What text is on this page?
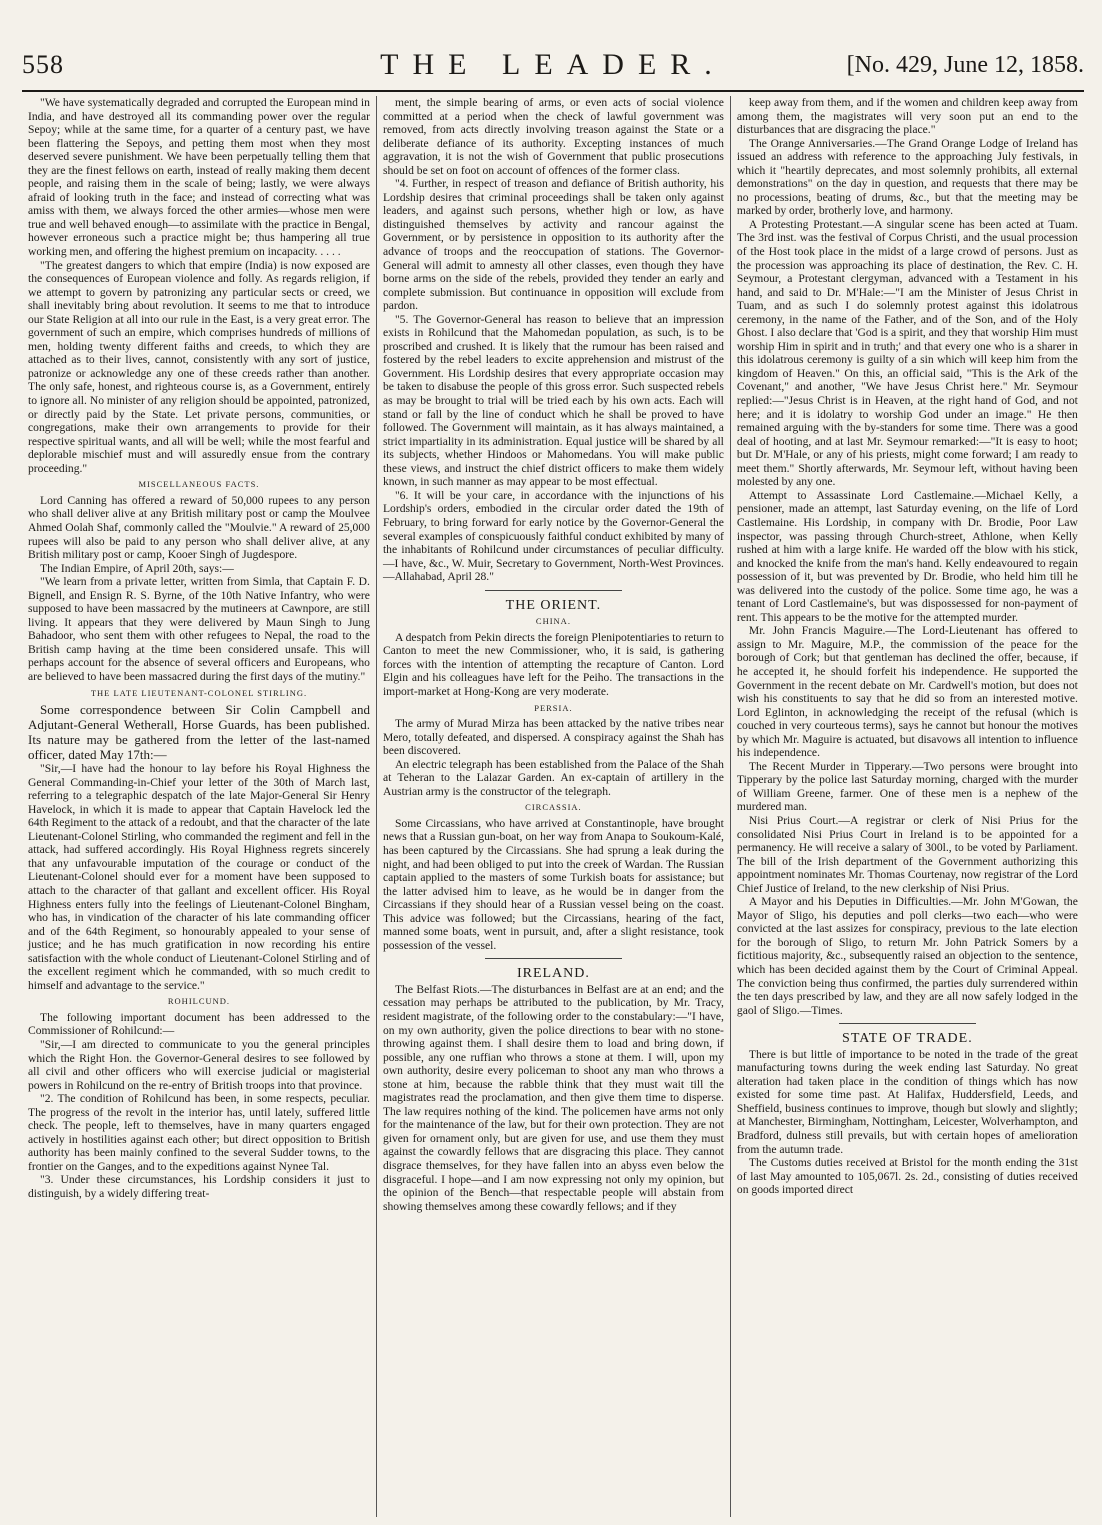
558	THE LEADER.	[No. 429, June 12, 1858.

"We have systematically degraded and corrupted the European mind in India, and have destroyed all its commanding power over the regular Sepoy; while at the same time, for a quarter of a century past, we have been flattering the Sepoys, and petting them most when they most deserved severe punishment. We have been perpetually telling them that they are the finest fellows on earth, instead of really making them decent people, and raising them in the scale of being; lastly, we were always afraid of looking truth in the face; and instead of correcting what was amiss with them, we always forced the other armies—whose men were true and well behaved enough—to assimilate with the practice in Bengal, however erroneous such a practice might be; thus hampering all true working men, and offering the highest premium on incapacity. . . . .

"The greatest dangers to which that empire (India) is now exposed are the consequences of European violence and folly. As regards religion, if we attempt to govern by patronizing any particular sects or creed, we shall inevitably bring about revolution. It seems to me that to introduce our State Religion at all into our rule in the East, is a very great error. The government of such an empire, which comprises hundreds of millions of men, holding twenty different faiths and creeds, to which they are attached as to their lives, cannot, consistently with any sort of justice, patronize or acknowledge any one of these creeds rather than another. The only safe, honest, and righteous course is, as a Government, entirely to ignore all. No minister of any religion should be appointed, patronized, or directly paid by the State. Let private persons, communities, or congregations, make their own arrangements to provide for their respective spiritual wants, and all will be well; while the most fearful and deplorable mischief must and will assuredly ensue from the contrary proceeding."

MISCELLANEOUS FACTS.

Lord Canning has offered a reward of 50,000 rupees to any person who shall deliver alive at any British military post or camp the Moulvee Ahmed Oolah Shaf, commonly called the "Moulvie." A reward of 25,000 rupees will also be paid to any person who shall deliver alive, at any British military post or camp, Kooer Singh of Jugdespore.

The Indian Empire, of April 20th, says:—

"We learn from a private letter, written from Simla, that Captain F. D. Bignell, and Ensign R. S. Byrne, of the 10th Native Infantry, who were supposed to have been massacred by the mutineers at Cawnpore, are still living. It appears that they were delivered by Maun Singh to Jung Bahadoor, who sent them with other refugees to Nepal, the road to the British camp having at the time been considered unsafe. This will perhaps account for the absence of several officers and Europeans, who are believed to have been massacred during the first days of the mutiny."

THE LATE LIEUTENANT-COLONEL STIRLING.

Some correspondence between Sir Colin Campbell and Adjutant-General Wetherall, Horse Guards, has been published. Its nature may be gathered from the letter of the last-named officer, dated May 17th:—

"Sir,—I have had the honour to lay before his Royal Highness the General Commanding-in-Chief your letter of the 30th of March last, referring to a telegraphic despatch of the late Major-General Sir Henry Havelock, in which it is made to appear that Captain Havelock led the 64th Regiment to the attack of a redoubt, and that the character of the late Lieutenant-Colonel Stirling, who commanded the regiment and fell in the attack, had suffered accordingly. His Royal Highness regrets sincerely that any unfavourable imputation of the courage or conduct of the Lieutenant-Colonel should ever for a moment have been supposed to attach to the character of that gallant and excellent officer. His Royal Highness enters fully into the feelings of Lieutenant-Colonel Bingham, who has, in vindication of the character of his late commanding officer and of the 64th Regiment, so honourably appealed to your sense of justice; and he has much gratification in now recording his entire satisfaction with the whole conduct of Lieutenant-Colonel Stirling and of the excellent regiment which he commanded, with so much credit to himself and advantage to the service."

ROHILCUND.

The following important document has been addressed to the Commissioner of Rohilcund:—

"Sir,—I am directed to communicate to you the general principles which the Right Hon. the Governor-General desires to see followed by all civil and other officers who will exercise judicial or magisterial powers in Rohilcund on the re-entry of British troops into that province.

"2. The condition of Rohilcund has been, in some respects, peculiar. The progress of the revolt in the interior has, until lately, suffered little check. The people, left to themselves, have in many quarters engaged actively in hostilities against each other; but direct opposition to British authority has been mainly confined to the several Sudder towns, to the frontier on the Ganges, and to the expeditions against Nynee Tal.

"3. Under these circumstances, his Lordship considers it just to distinguish, by a widely differing treat-

ment, the simple bearing of arms, or even acts of social violence committed at a period when the check of lawful government was removed, from acts directly involving treason against the State or a deliberate defiance of its authority. Excepting instances of much aggravation, it is not the wish of Government that public prosecutions should be set on foot on account of offences of the former class.

"4. Further, in respect of treason and defiance of British authority, his Lordship desires that criminal proceedings shall be taken only against leaders, and against such persons, whether high or low, as have distinguished themselves by activity and rancour against the Government, or by persistence in opposition to its authority after the advance of troops and the reoccupation of stations. The Governor-General will admit to amnesty all other classes, even though they have borne arms on the side of the rebels, provided they tender an early and complete submission. But continuance in opposition will exclude from pardon.

"5. The Governor-General has reason to believe that an impression exists in Rohilcund that the Mahomedan population, as such, is to be proscribed and crushed. It is likely that the rumour has been raised and fostered by the rebel leaders to excite apprehension and mistrust of the Government. His Lordship desires that every appropriate occasion may be taken to disabuse the people of this gross error. Such suspected rebels as may be brought to trial will be tried each by his own acts. Each will stand or fall by the line of conduct which he shall be proved to have followed. The Government will maintain, as it has always maintained, a strict impartiality in its administration. Equal justice will be shared by all its subjects, whether Hindoos or Mahomedans. You will make public these views, and instruct the chief district officers to make them widely known, in such manner as may appear to be most effectual.

"6. It will be your care, in accordance with the injunctions of his Lordship's orders, embodied in the circular order dated the 19th of February, to bring forward for early notice by the Governor-General the several examples of conspicuously faithful conduct exhibited by many of the inhabitants of Rohilcund under circumstances of peculiar difficulty.—I have, &c., W. Muir, Secretary to Government, North-West Provinces.—Allahabad, April 28."

THE ORIENT.

CHINA.

A despatch from Pekin directs the foreign Plenipotentiaries to return to Canton to meet the new Commissioner, who, it is said, is gathering forces with the intention of attempting the recapture of Canton. Lord Elgin and his colleagues have left for the Peiho. The transactions in the import-market at Hong-Kong are very moderate.

PERSIA.

The army of Murad Mirza has been attacked by the native tribes near Mero, totally defeated, and dispersed. A conspiracy against the Shah has been discovered.

An electric telegraph has been established from the Palace of the Shah at Teheran to the Lalazar Garden. An ex-captain of artillery in the Austrian army is the constructor of the telegraph.

CIRCASSIA.

Some Circassians, who have arrived at Constantinople, have brought news that a Russian gun-boat, on her way from Anapa to Soukoum-Kalé, has been captured by the Circassians. She had sprung a leak during the night, and had been obliged to put into the creek of Wardan. The Russian captain applied to the masters of some Turkish boats for assistance; but the latter advised him to leave, as he would be in danger from the Circassians if they should hear of a Russian vessel being on the coast. This advice was followed; but the Circassians, hearing of the fact, manned some boats, went in pursuit, and, after a slight resistance, took possession of the vessel.

IRELAND.

The Belfast Riots.—The disturbances in Belfast are at an end; and the cessation may perhaps be attributed to the publication, by Mr. Tracy, resident magistrate, of the following order to the constabulary:—"I have, on my own authority, given the police directions to bear with no stone-throwing against them. I shall desire them to load and bring down, if possible, any one ruffian who throws a stone at them. I will, upon my own authority, desire every policeman to shoot any man who throws a stone at him, because the rabble think that they must wait till the magistrates read the proclamation, and then give them time to disperse. The law requires nothing of the kind. The policemen have arms not only for the maintenance of the law, but for their own protection. They are not given for ornament only, but are given for use, and use them they must against the cowardly fellows that are disgracing this place. They cannot disgrace themselves, for they have fallen into an abyss even below the disgraceful. I hope—and I am now expressing not only my opinion, but the opinion of the Bench—that respectable people will abstain from showing themselves among these cowardly fellows; and if they

keep away from them, and if the women and children keep away from among them, the magistrates will very soon put an end to the disturbances that are disgracing the place."

The Orange Anniversaries.—The Grand Orange Lodge of Ireland has issued an address with reference to the approaching July festivals, in which it "heartily deprecates, and most solemnly prohibits, all external demonstrations" on the day in question, and requests that there may be no processions, beating of drums, &c., but that the meeting may be marked by order, brotherly love, and harmony.

A Protesting Protestant.—A singular scene has been acted at Tuam. The 3rd inst. was the festival of Corpus Christi, and the usual procession of the Host took place in the midst of a large crowd of persons. Just as the procession was approaching its place of destination, the Rev. C. H. Seymour, a Protestant clergyman, advanced with a Testament in his hand, and said to Dr. M'Hale:—"I am the Minister of Jesus Christ in Tuam, and as such I do solemnly protest against this idolatrous ceremony, in the name of the Father, and of the Son, and of the Holy Ghost. I also declare that 'God is a spirit, and they that worship Him must worship Him in spirit and in truth;' and that every one who is a sharer in this idolatrous ceremony is guilty of a sin which will keep him from the kingdom of Heaven." On this, an official said, "This is the Ark of the Covenant," and another, "We have Jesus Christ here." Mr. Seymour replied:—"Jesus Christ is in Heaven, at the right hand of God, and not here; and it is idolatry to worship God under an image." He then remained arguing with the by-standers for some time. There was a good deal of hooting, and at last Mr. Seymour remarked:—"It is easy to hoot; but Dr. M'Hale, or any of his priests, might come forward; I am ready to meet them." Shortly afterwards, Mr. Seymour left, without having been molested by any one.

Attempt to Assassinate Lord Castlemaine.—Michael Kelly, a pensioner, made an attempt, last Saturday evening, on the life of Lord Castlemaine. His Lordship, in company with Dr. Brodie, Poor Law inspector, was passing through Church-street, Athlone, when Kelly rushed at him with a large knife. He warded off the blow with his stick, and knocked the knife from the man's hand. Kelly endeavoured to regain possession of it, but was prevented by Dr. Brodie, who held him till he was delivered into the custody of the police. Some time ago, he was a tenant of Lord Castlemaine's, but was dispossessed for non-payment of rent. This appears to be the motive for the attempted murder.

Mr. John Francis Maguire.—The Lord-Lieutenant has offered to assign to Mr. Maguire, M.P., the commission of the peace for the borough of Cork; but that gentleman has declined the offer, because, if he accepted it, he should forfeit his independence. He supported the Government in the recent debate on Mr. Cardwell's motion, but does not wish his constituents to say that he did so from an interested motive. Lord Eglinton, in acknowledging the receipt of the refusal (which is couched in very courteous terms), says he cannot but honour the motives by which Mr. Maguire is actuated, but disavows all intention to influence his independence.

The Recent Murder in Tipperary.—Two persons were brought into Tipperary by the police last Saturday morning, charged with the murder of William Greene, farmer. One of these men is a nephew of the murdered man.

Nisi Prius Court.—A registrar or clerk of Nisi Prius for the consolidated Nisi Prius Court in Ireland is to be appointed for a permanency. He will receive a salary of 300l., to be voted by Parliament. The bill of the Irish department of the Government authorizing this appointment nominates Mr. Thomas Courtenay, now registrar of the Lord Chief Justice of Ireland, to the new clerkship of Nisi Prius.

A Mayor and his Deputies in Difficulties.—Mr. John M'Gowan, the Mayor of Sligo, his deputies and poll clerks—two each—who were convicted at the last assizes for conspiracy, previous to the late election for the borough of Sligo, to return Mr. John Patrick Somers by a fictitious majority, &c., subsequently raised an objection to the sentence, which has been decided against them by the Court of Criminal Appeal. The conviction being thus confirmed, the parties duly surrendered within the ten days prescribed by law, and they are all now safely lodged in the gaol of Sligo.—Times.

STATE OF TRADE.

There is but little of importance to be noted in the trade of the great manufacturing towns during the week ending last Saturday. No great alteration had taken place in the condition of things which has now existed for some time past. At Halifax, Huddersfield, Leeds, and Sheffield, business continues to improve, though but slowly and slightly; at Manchester, Birmingham, Nottingham, Leicester, Wolverhampton, and Bradford, dulness still prevails, but with certain hopes of amelioration from the autumn trade.

The Customs duties received at Bristol for the month ending the 31st of last May amounted to 105,067l. 2s. 2d., consisting of duties received on goods imported direct
